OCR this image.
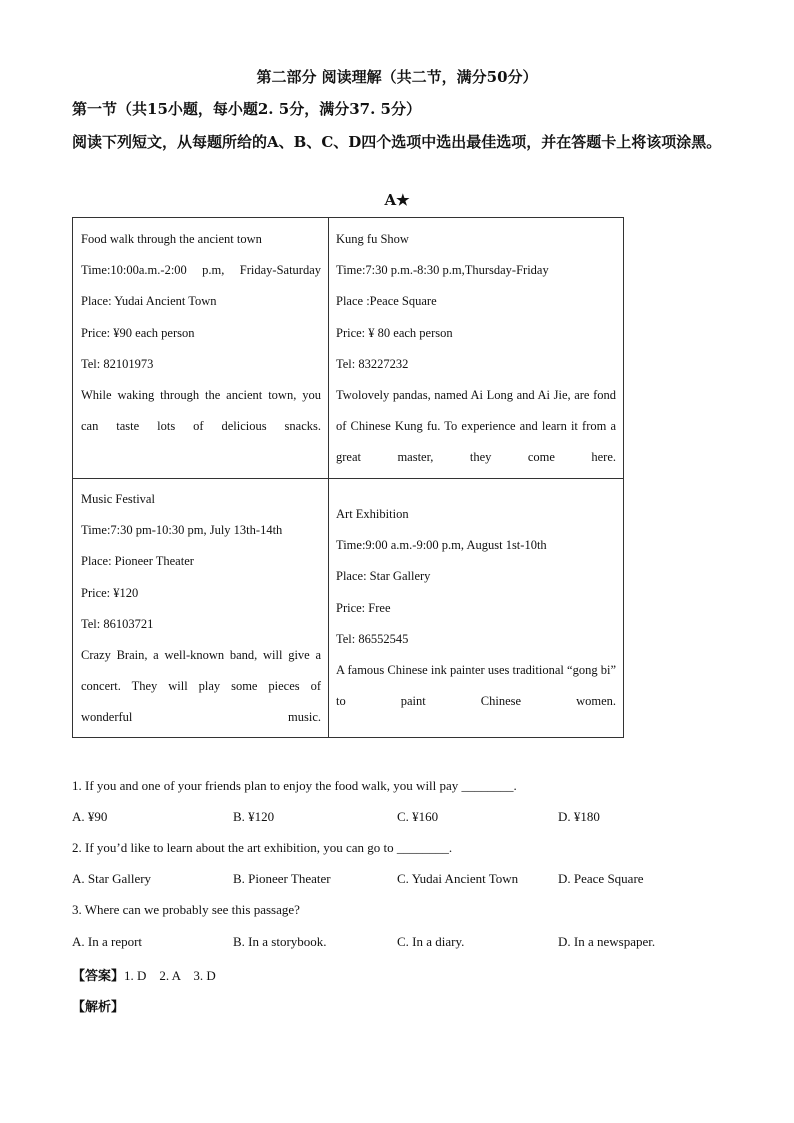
第二部分 阅读理解（共二节，满分50分）
第一节（共15小题，每小题2. 5分，满分37. 5分）
阅读下列短文，从每题所给的A、B、C、D四个选项中选出最佳选项，并在答题卡上将该项涂黑。
A★
Food walk through the ancient town
Time:10:00a.m.-2:00 p.m, Friday-Saturday
Place: Yudai Ancient Town
Price: ¥90 each person
Tel: 82101973
While waking through the ancient town, you can taste lots of delicious snacks.
Kung fu Show
Time:7:30 p.m.-8:30 p.m,Thursday-Friday
Place :Peace Square
Price: ¥ 80 each person
Tel: 83227232
Twolovely pandas, named Ai Long and Ai Jie, are fond of Chinese Kung fu. To experience and learn it from a great master, they come here.
Music Festival
Time:7:30 pm-10:30 pm, July 13th-14th
Place: Pioneer Theater
Price: ¥120
Tel: 86103721
Crazy Brain, a well-known band, will give a concert. They will play some pieces of wonderful music.
Art Exhibition
Time:9:00 a.m.-9:00 p.m, August 1st-10th
Place: Star Gallery
Price: Free
Tel: 86552545
A famous Chinese ink painter uses traditional “gong bi” to paint Chinese women.
1. If you and one of your friends plan to enjoy the food walk, you will pay ________.
A. ¥90	B. ¥120	C. ¥160	D. ¥180
2. If you’d like to learn about the art exhibition, you can go to ________.
A. Star Gallery	B. Pioneer Theater	C. Yudai Ancient Town	D. Peace Square
3. Where can we probably see this passage?
A. In a report	B. In a storybook.	C. In a diary.	D. In a newspaper.
【答案】1. D    2. A    3. D
【解析】
